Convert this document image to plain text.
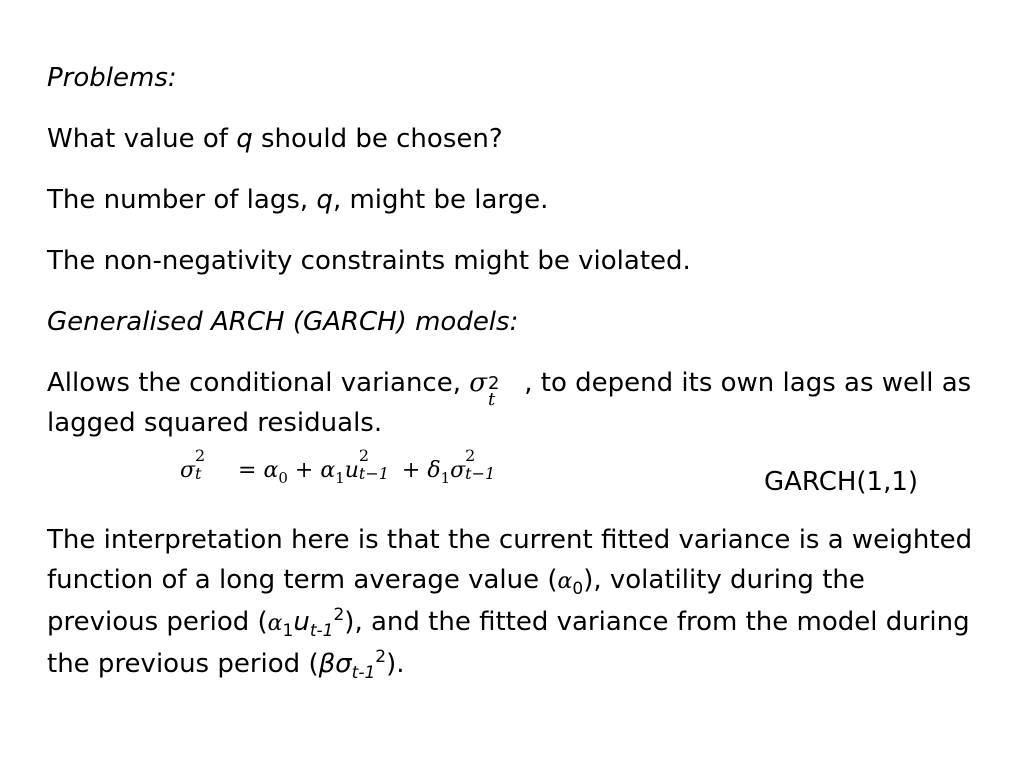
Problems:
What value of q should be chosen?
The number of lags, q, might be large.
The non-negativity constraints might be violated.
Generalised ARCH (GARCH) models:
Allows the conditional variance, σ 2
t
, to depend its own lags as well as lagged squared residuals.
σ
2
$t = \alpha_0 + \alpha_1u$
2
$t-1 + \delta_1\sigma$
2
t−1	GARCH(1,1)
The interpretation here is that the current fitted variance is a weighted function of a long term average value $(\alpha_0)$, volatility during the previous period $(\alpha_1u_{t-1}^2)$, and the fitted variance from the model during the previous period $(\beta\sigma_{t-1}^2)$.
